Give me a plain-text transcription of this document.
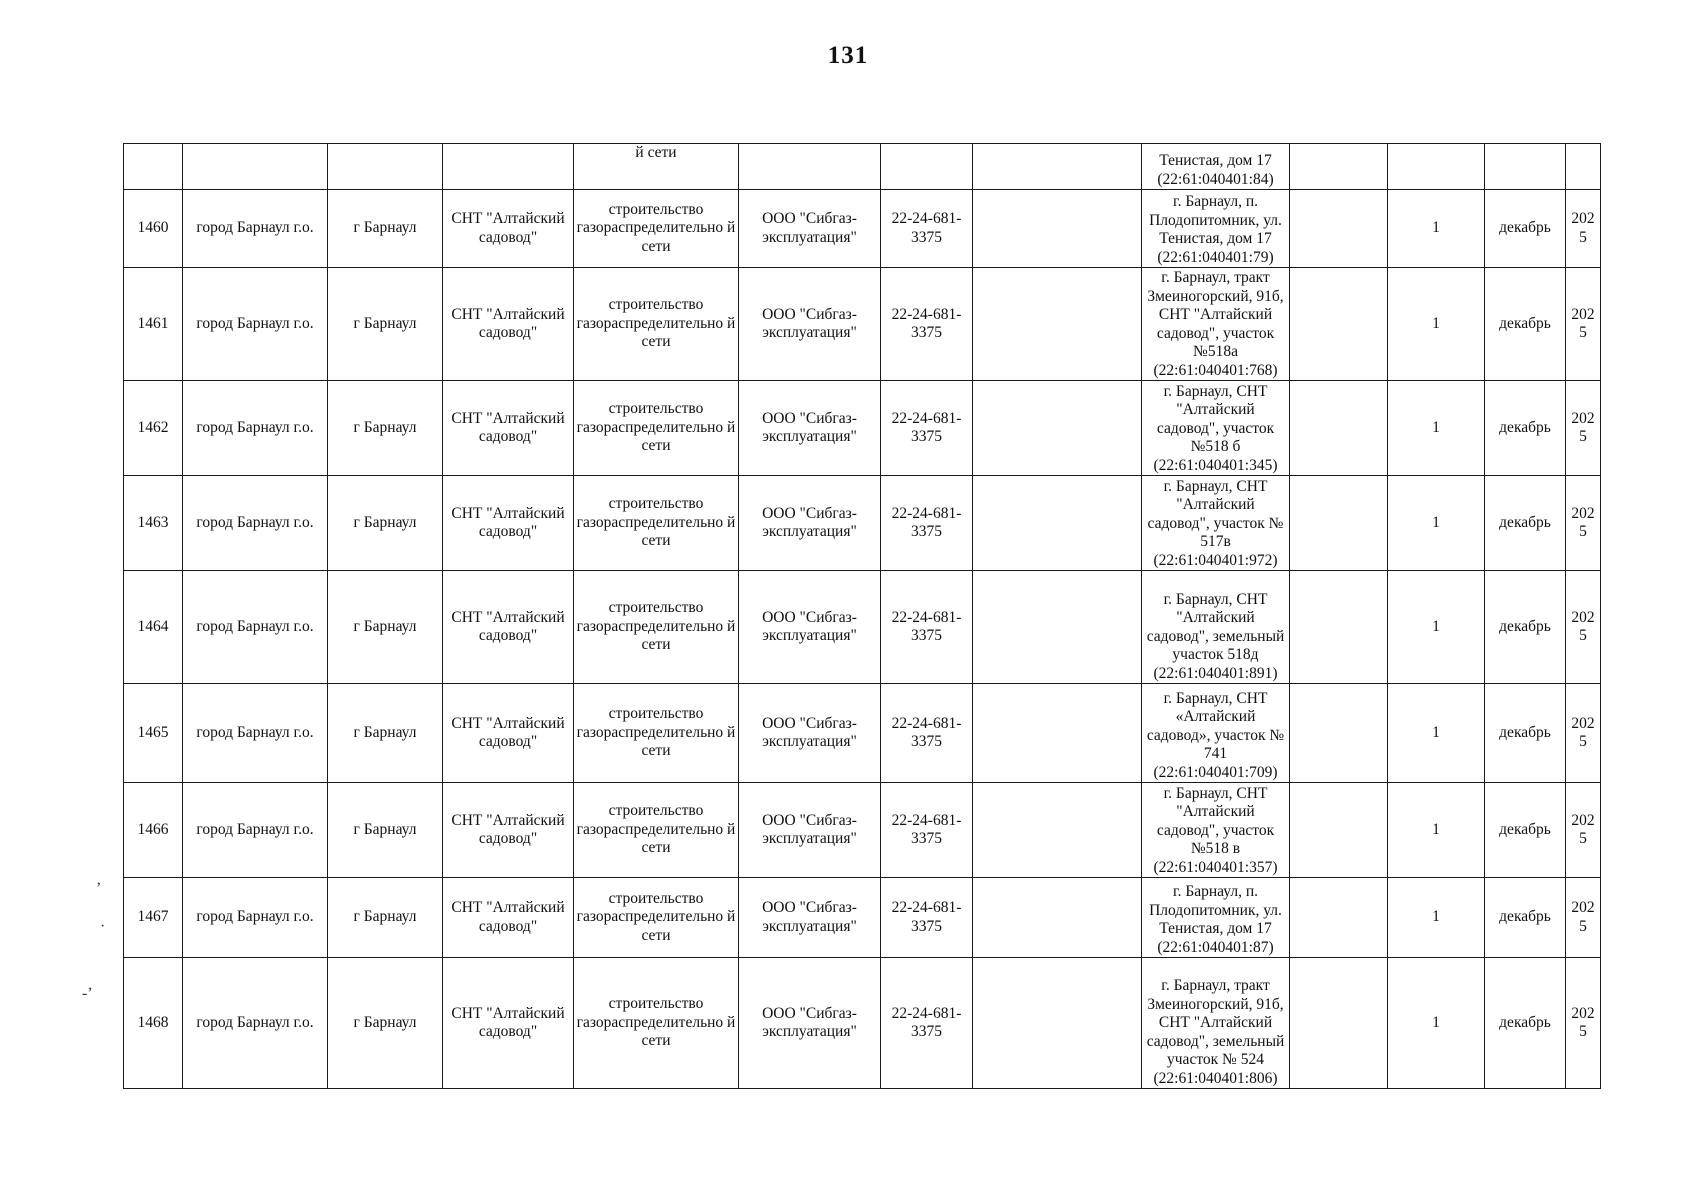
131
ʼ
·
-ʼ
				й сети				Тенистая, дом 17 (22:61:040401:84)				
1460	город Барнаул г.о.	г Барнаул	СНТ "Алтайский садовод"	строительство газораспределительно й сети	ООО "Сибгаз-эксплуатация"	22-24-681-3375		г. Барнаул, п. Плодопитомник, ул. Тенистая, дом 17 (22:61:040401:79)		1	декабрь	2025
1461	город Барнаул г.о.	г Барнаул	СНТ "Алтайский садовод"	строительство газораспределительно й сети	ООО "Сибгаз-эксплуатация"	22-24-681-3375		г. Барнаул, тракт Змеиногорский, 91б, СНТ "Алтайский садовод", участок №518а (22:61:040401:768)		1	декабрь	2025
1462	город Барнаул г.о.	г Барнаул	СНТ "Алтайский садовод"	строительство газораспределительно й сети	ООО "Сибгаз-эксплуатация"	22-24-681-3375		г. Барнаул, СНТ "Алтайский садовод", участок №518 б (22:61:040401:345)		1	декабрь	2025
1463	город Барнаул г.о.	г Барнаул	СНТ "Алтайский садовод"	строительство газораспределительно й сети	ООО "Сибгаз-эксплуатация"	22-24-681-3375		г. Барнаул, СНТ "Алтайский садовод", участок № 517в (22:61:040401:972)		1	декабрь	2025
1464	город Барнаул г.о.	г Барнаул	СНТ "Алтайский садовод"	строительство газораспределительно й сети	ООО "Сибгаз-эксплуатация"	22-24-681-3375		г. Барнаул, СНТ "Алтайский садовод", земельный участок 518д (22:61:040401:891)		1	декабрь	2025
1465	город Барнаул г.о.	г Барнаул	СНТ "Алтайский садовод"	строительство газораспределительно й сети	ООО "Сибгаз-эксплуатация"	22-24-681-3375		г. Барнаул, СНТ «Алтайский садовод», участок № 741 (22:61:040401:709)		1	декабрь	2025
1466	город Барнаул г.о.	г Барнаул	СНТ "Алтайский садовод"	строительство газораспределительно й сети	ООО "Сибгаз-эксплуатация"	22-24-681-3375		г. Барнаул, СНТ "Алтайский садовод", участок №518 в (22:61:040401:357)		1	декабрь	2025
1467	город Барнаул г.о.	г Барнаул	СНТ "Алтайский садовод"	строительство газораспределительно й сети	ООО "Сибгаз-эксплуатация"	22-24-681-3375		г. Барнаул, п. Плодопитомник, ул. Тенистая, дом 17 (22:61:040401:87)		1	декабрь	2025
1468	город Барнаул г.о.	г Барнаул	СНТ "Алтайский садовод"	строительство газораспределительно й сети	ООО "Сибгаз-эксплуатация"	22-24-681-3375		г. Барнаул, тракт Змеиногорский, 91б, СНТ "Алтайский садовод", земельный участок № 524 (22:61:040401:806)		1	декабрь	2025
